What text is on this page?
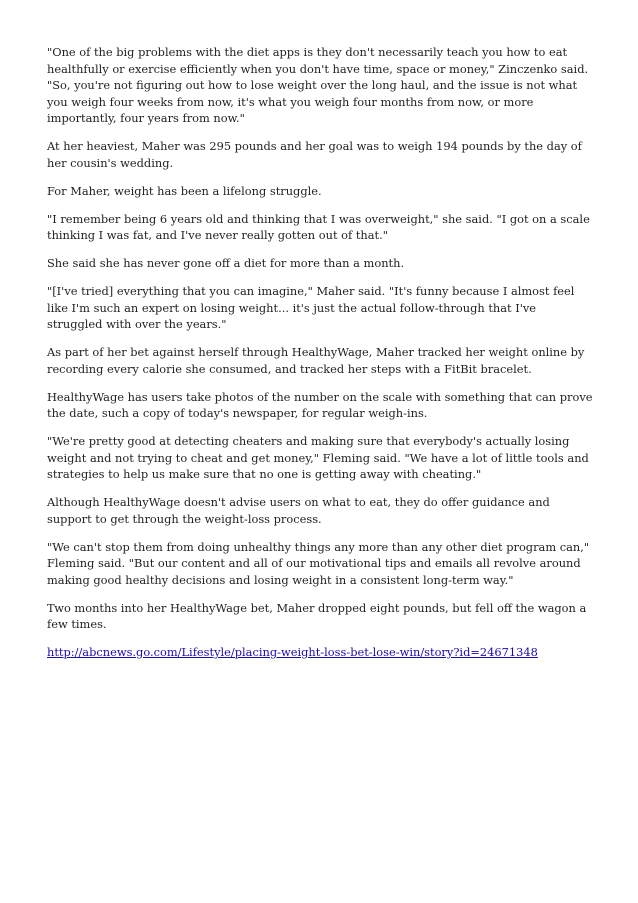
"One of the big problems with the diet apps is they don't necessarily teach you how to eat healthfully or exercise efficiently when you don't have time, space or money," Zinczenko said. "So, you're not figuring out how to lose weight over the long haul, and the issue is not what you weigh four weeks from now, it's what you weigh four months from now, or more importantly, four years from now."

At her heaviest, Maher was 295 pounds and her goal was to weigh 194 pounds by the day of her cousin's wedding.

For Maher, weight has been a lifelong struggle.

"I remember being 6 years old and thinking that I was overweight," she said. "I got on a scale thinking I was fat, and I've never really gotten out of that."

She said she has never gone off a diet for more than a month.

"[I've tried] everything that you can imagine," Maher said. "It's funny because I almost feel like I'm such an expert on losing weight... it's just the actual follow-through that I've struggled with over the years."

As part of her bet against herself through HealthyWage, Maher tracked her weight online by recording every calorie she consumed, and tracked her steps with a FitBit bracelet.

HealthyWage has users take photos of the number on the scale with something that can prove the date, such a copy of today's newspaper, for regular weigh-ins.

"We're pretty good at detecting cheaters and making sure that everybody's actually losing weight and not trying to cheat and get money," Fleming said. "We have a lot of little tools and strategies to help us make sure that no one is getting away with cheating."

Although HealthyWage doesn't advise users on what to eat, they do offer guidance and support to get through the weight-loss process.

"We can't stop them from doing unhealthy things any more than any other diet program can," Fleming said. "But our content and all of our motivational tips and emails all revolve around making good healthy decisions and losing weight in a consistent long-term way."

Two months into her HealthyWage bet, Maher dropped eight pounds, but fell off the wagon a few times.

http://abcnews.go.com/Lifestyle/placing-weight-loss-bet-lose-win/story?id=24671348
